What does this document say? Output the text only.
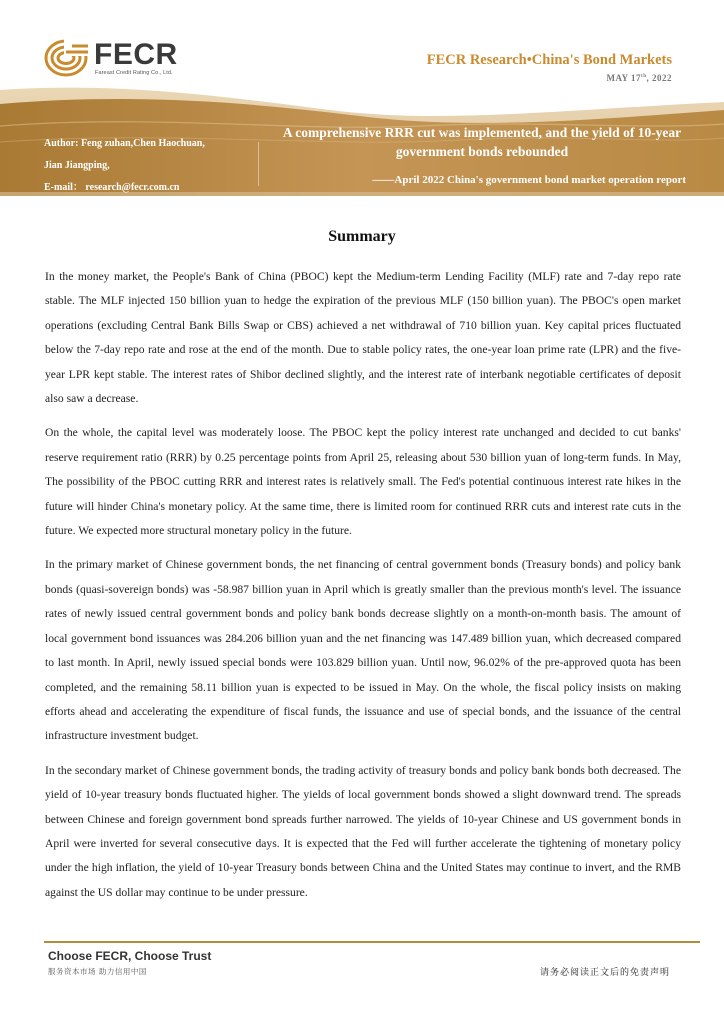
FECR
Fareast Credit Rating Co., Ltd.
FECR Research•China's Bond Markets
MAY 17th, 2022
Author: Feng zuhan,Chen Haochuan,
Jian Jiangping,
E-mail： research@fecr.com.cn
A comprehensive RRR cut was implemented, and the yield of 10-year government bonds rebounded
——April 2022 China's government bond market operation report
Summary

In the money market, the People's Bank of China (PBOC) kept the Medium-term Lending Facility (MLF) rate and 7-day repo rate stable. The MLF injected 150 billion yuan to hedge the expiration of the previous MLF (150 billion yuan). The PBOC's open market operations (excluding Central Bank Bills Swap or CBS) achieved a net withdrawal of 710 billion yuan. Key capital prices fluctuated below the 7-day repo rate and rose at the end of the month. Due to stable policy rates, the one-year loan prime rate (LPR) and the five-year LPR kept stable. The interest rates of Shibor declined slightly, and the interest rate of interbank negotiable certificates of deposit also saw a decrease.

On the whole, the capital level was moderately loose. The PBOC kept the policy interest rate unchanged and decided to cut banks' reserve requirement ratio (RRR) by 0.25 percentage points from April 25, releasing about 530 billion yuan of long-term funds. In May, The possibility of the PBOC cutting RRR and interest rates is relatively small. The Fed's potential continuous interest rate hikes in the future will hinder China's monetary policy. At the same time, there is limited room for continued RRR cuts and interest rate cuts in the future. We expected more structural monetary policy in the future.

In the primary market of Chinese government bonds, the net financing of central government bonds (Treasury bonds) and policy bank bonds (quasi-sovereign bonds) was -58.987 billion yuan in April which is greatly smaller than the previous month's level. The issuance rates of newly issued central government bonds and policy bank bonds decrease slightly on a month-on-month basis. The amount of local government bond issuances was 284.206 billion yuan and the net financing was 147.489 billion yuan, which decreased compared to last month. In April, newly issued special bonds were 103.829 billion yuan. Until now, 96.02% of the pre-approved quota has been completed, and the remaining 58.11 billion yuan is expected to be issued in May. On the whole, the fiscal policy insists on making efforts ahead and accelerating the expenditure of fiscal funds, the issuance and use of special bonds, and the issuance of the central infrastructure investment budget.

In the secondary market of Chinese government bonds, the trading activity of treasury bonds and policy bank bonds both decreased. The yield of 10-year treasury bonds fluctuated higher. The yields of local government bonds showed a slight downward trend. The spreads between Chinese and foreign government bond spreads further narrowed. The yields of 10-year Chinese and US government bonds in April were inverted for several consecutive days. It is expected that the Fed will further accelerate the tightening of monetary policy under the high inflation, the yield of 10-year Treasury bonds between China and the United States may continue to invert, and the RMB against the US dollar may continue to be under pressure.

Choose FECR, Choose Trust
服务资本市场 助力信用中国	请务必阅读正文后的免责声明
